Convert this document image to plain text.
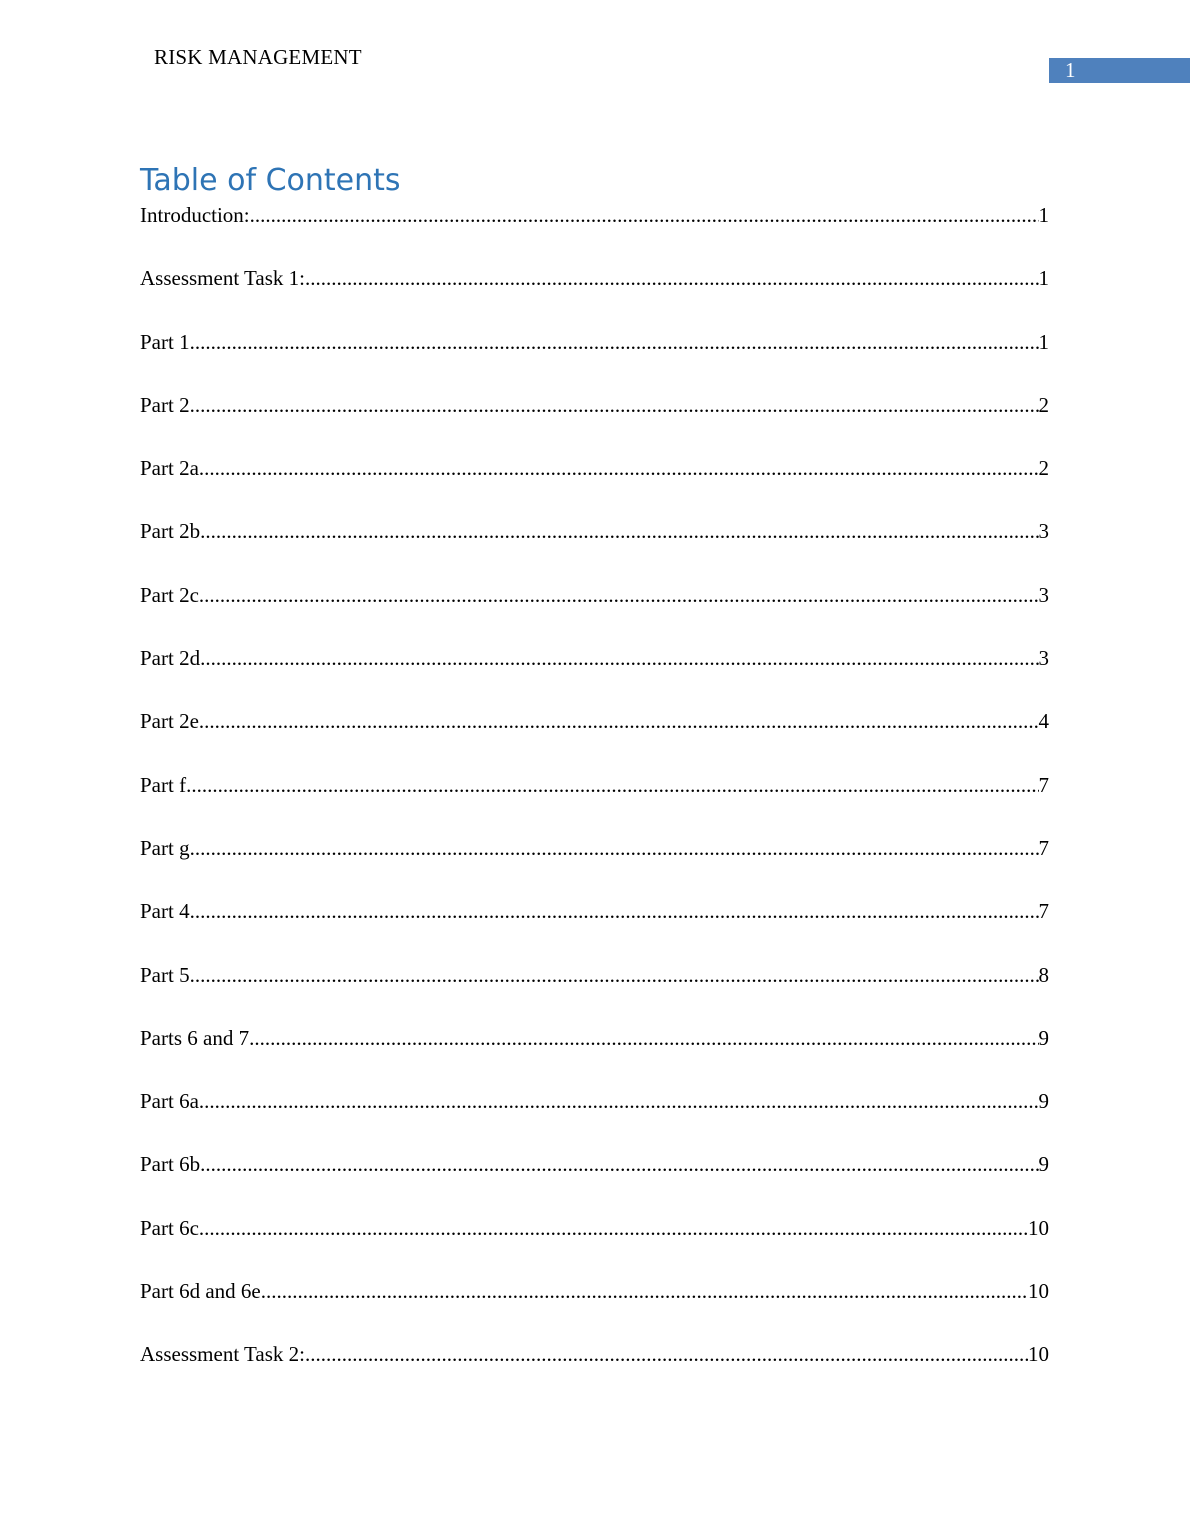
RISK MANAGEMENT
1
Table of Contents
Introduction: .....	1
Assessment Task 1: .....	1
Part 1 .....	1
Part 2 .....	2
Part 2a .....	2
Part 2b .....	3
Part 2c .....	3
Part 2d .....	3
Part 2e .....	4
Part f .....	7
Part g .....	7
Part 4 .....	7
Part 5 .....	8
Parts 6 and 7 .....	9
Part 6a .....	9
Part 6b .....	9
Part 6c .....	10
Part 6d and 6e .....	10
Assessment Task 2: .....	10
